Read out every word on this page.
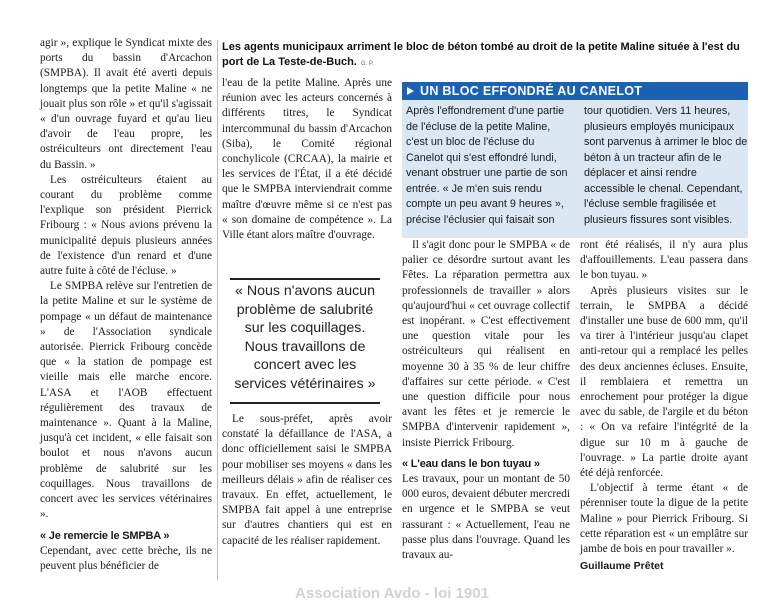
agir », explique le Syndicat mixte des ports du bassin d'Arcachon (SMPBA). Il avait été averti depuis longtemps que la petite Maline « ne jouait plus son rôle » et qu'il s'agissait « d'un ouvrage fuyard et qu'au lieu d'avoir de l'eau propre, les ostréiculteurs ont directement l'eau du Bassin. »

Les ostréiculteurs étaient au courant du problème comme l'explique son président Pierrick Fribourg : « Nous avions prévenu la municipalité depuis plusieurs années de l'existence d'un renard et d'une autre fuite à côté de l'écluse. »

Le SMPBA relève sur l'entretien de la petite Maline et sur le système de pompage « un défaut de maintenance » de l'Association syndicale autorisée. Pierrick Fribourg concède que « la station de pompage est vieille mais elle marche encore. L'ASA et l'AOB effectuent régulièrement des travaux de maintenance ». Quant à la Maline, jusqu'à cet incident, « elle faisait son boulot et nous n'avons aucun problème de salubrité sur les coquillages. Nous travaillons de concert avec les services vétérinaires ».

« Je remercie le SMPBA »

Cependant, avec cette brèche, ils ne peuvent plus bénéficier de

Les agents municipaux arriment le bloc de béton tombé au droit de la petite Maline située à l'est du port de La Teste-de-Buch. G. P.

l'eau de la petite Maline. Après une réunion avec les acteurs concernés à différents titres, le Syndicat intercommunal du bassin d'Arcachon (Siba), le Comité régional conchylicole (CRCAA), la mairie et les services de l'État, il a été décidé que le SMPBA interviendrait comme maître d'œuvre même si ce n'est pas « son domaine de compétence ». La Ville étant alors maître d'ouvrage.

« Nous n'avons aucun problème de salubrité sur les coquillages. Nous travaillons de concert avec les services vétérinaires »

Le sous-préfet, après avoir constaté la défaillance de l'ASA, a donc officiellement saisi le SMPBA pour mobiliser ses moyens « dans les meilleurs délais » afin de réaliser ces travaux. En effet, actuellement, le SMPBA fait appel à une entreprise sur d'autres chantiers qui est en capacité de les réaliser rapidement.

UN BLOC EFFONDRÉ AU CANELOT
Après l'effondrement d'une partie de l'écluse de la petite Maline, c'est un bloc de l'écluse du Canelot qui s'est effondré lundi, venant obstruer une partie de son entrée. « Je m'en suis rendu compte un peu avant 9 heures », précise l'éclusier qui faisait son
tour quotidien. Vers 11 heures, plusieurs employés municipaux sont parvenus à arrimer le bloc de béton à un tracteur afin de le déplacer et ainsi rendre accessible le chenal. Cependant, l'écluse semble fragilisée et plusieurs fissures sont visibles.

Il s'agit donc pour le SMPBA « de palier ce désordre surtout avant les Fêtes. La réparation permettra aux professionnels de travailler » alors qu'aujourd'hui « cet ouvrage collectif est inopérant. » C'est effectivement une question vitale pour les ostréiculteurs qui réalisent en moyenne 30 à 35 % de leur chiffre d'affaires sur cette période. « C'est une question difficile pour nous avant les fêtes et je remercie le SMPBA d'intervenir rapidement », insiste Pierrick Fribourg.

« L'eau dans le bon tuyau »

Les travaux, pour un montant de 50 000 euros, devaient débuter mercredi en urgence et le SMPBA se veut rassurant : « Actuellement, l'eau ne passe plus dans l'ouvrage. Quand les travaux au-

ront été réalisés, il n'y aura plus d'affouillements. L'eau passera dans le bon tuyau. »

Après plusieurs visites sur le terrain, le SMPBA a décidé d'installer une buse de 600 mm, qu'il va tirer à l'intérieur jusqu'au clapet anti-retour qui a remplacé les pelles des deux anciennes écluses. Ensuite, il remblaiera et remettra un enrochement pour protéger la digue avec du sable, de l'argile et du béton : « On va refaire l'intégrité de la digue sur 10 m à gauche de l'ouvrage. » La partie droite ayant été déjà renforcée.

L'objectif à terme étant « de pérenniser toute la digue de la petite Maline » pour Pierrick Fribourg. Si cette réparation est « un emplâtre sur jambe de bois en pour travailler ».

Guillaume Prêtet

Association Avdo - loi 1901
